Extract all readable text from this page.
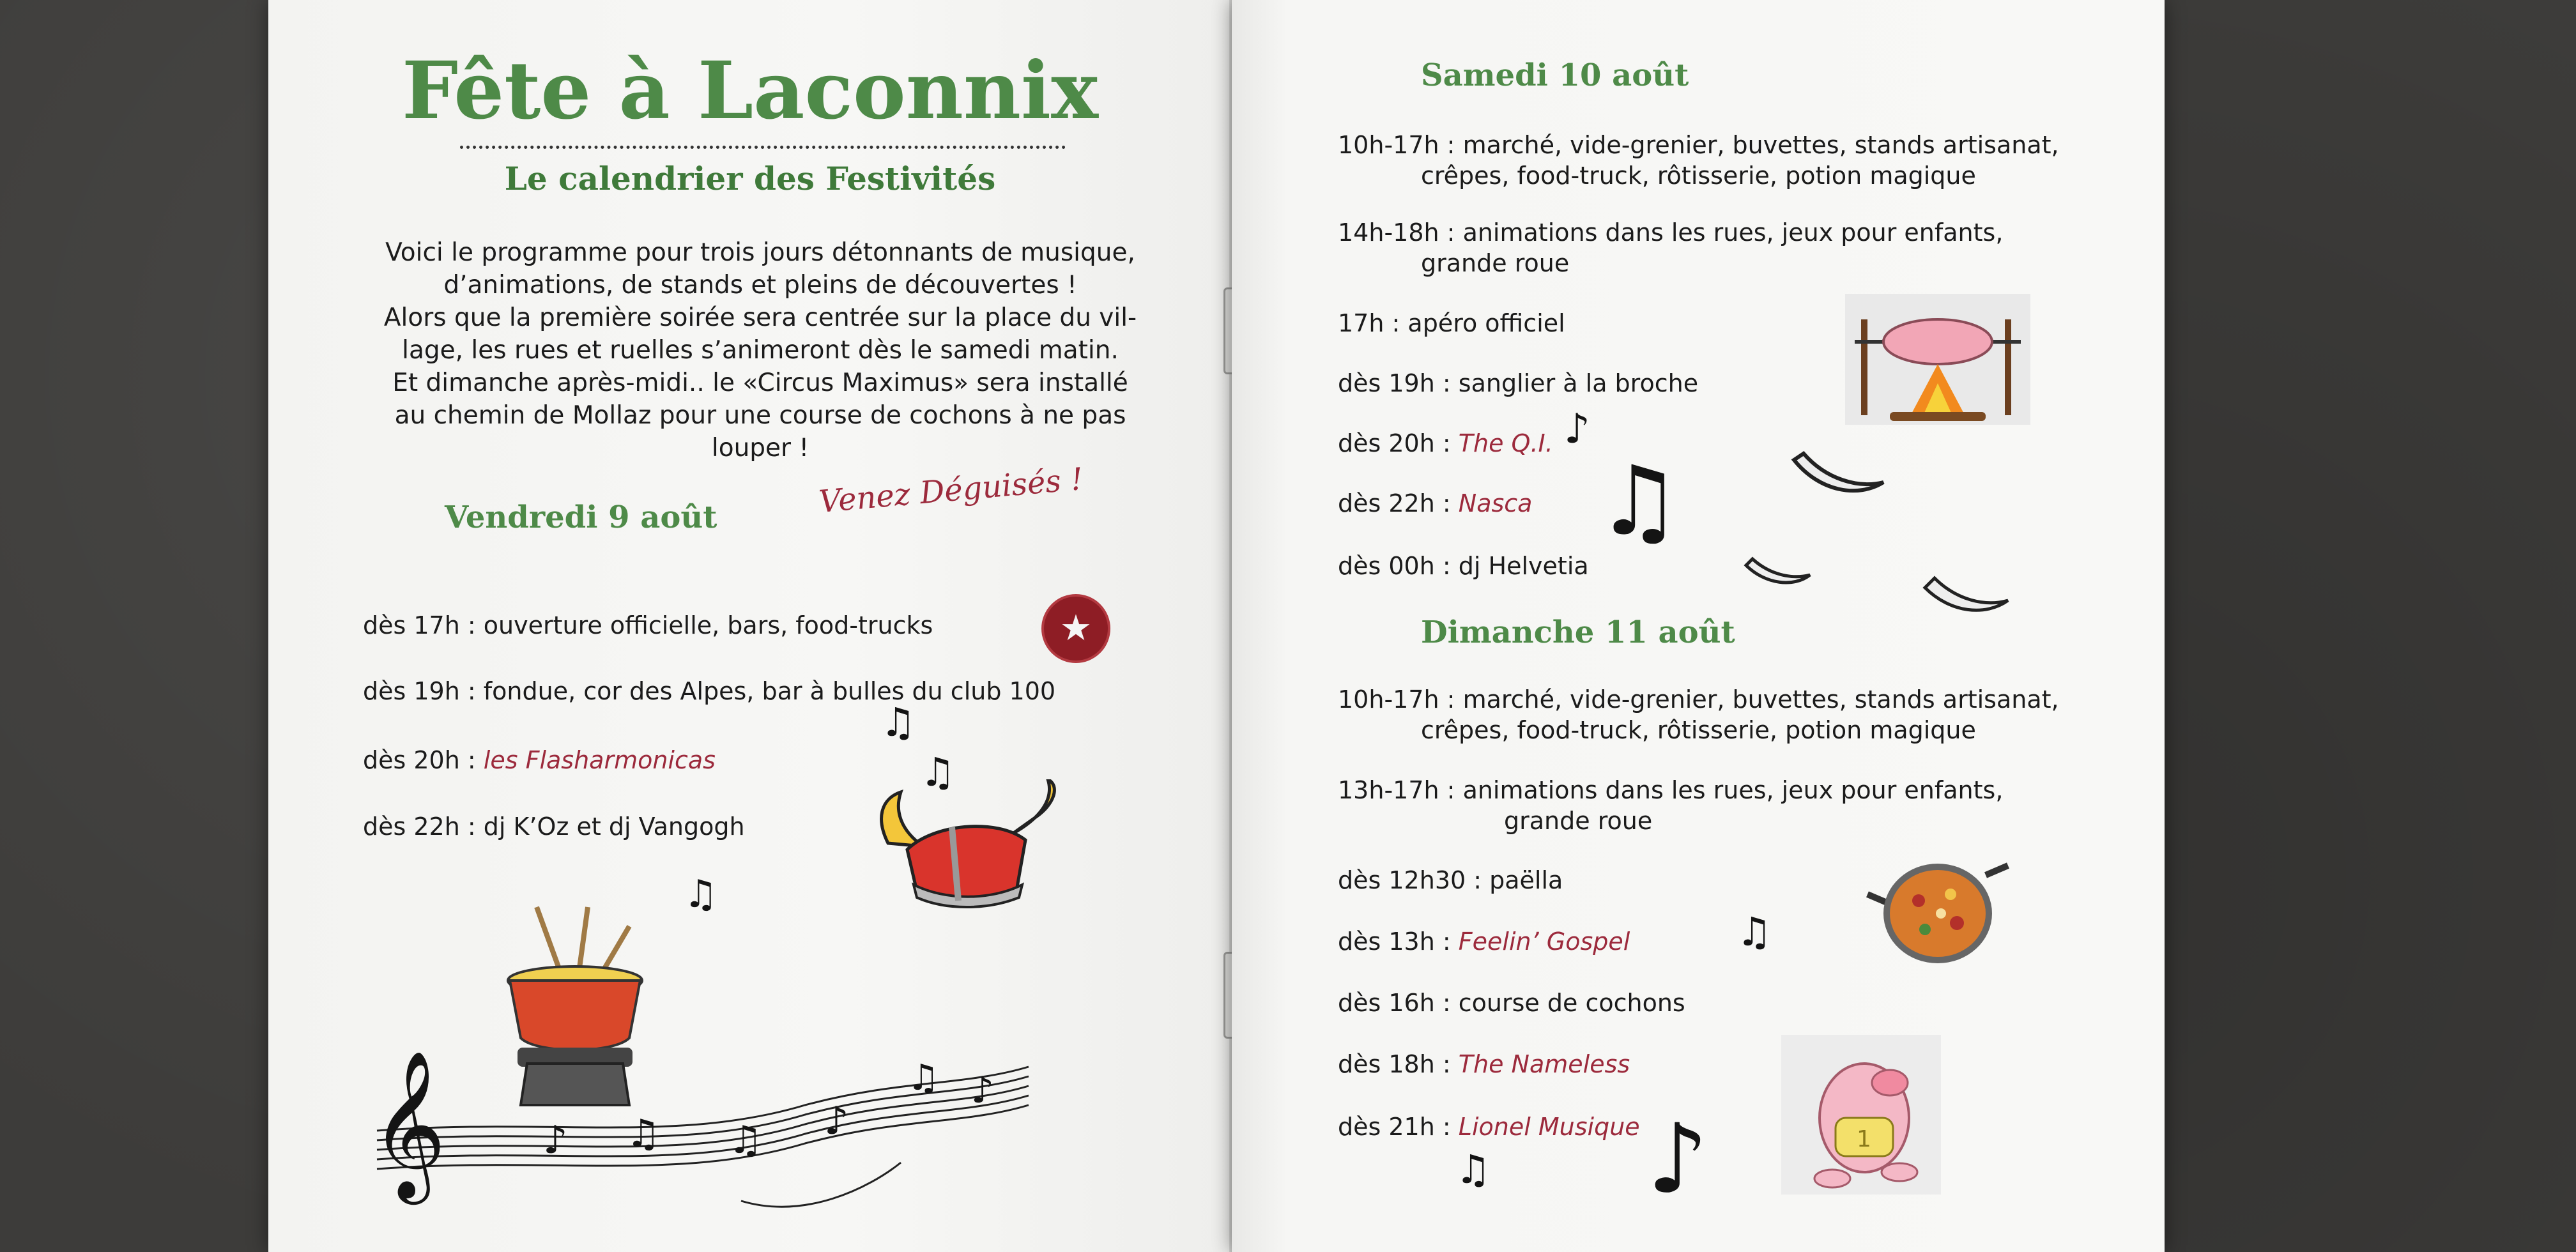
Fête à Laconnix
Le calendrier des Festivités
Voici le programme pour trois jours détonnants de musique,
d’animations, de stands et pleins de découvertes !
Alors que la première soirée sera centrée sur la place du vil-
lage, les rues et ruelles s’animeront dès le samedi matin.
Et dimanche après-midi.. le «Circus Maximus» sera installé
au chemin de Mollaz pour une course de cochons à ne pas
louper !
Vendredi 9 août	Venez Déguisés !
dès 17h : ouverture officielle, bars, food-trucks
dès 19h : fondue, cor des Alpes, bar à bulles du club 100
dès 20h : les Flasharmonicas
dès 22h : dj K’Oz et dj Vangogh
★
♫
♫
♫
𝄞	♪ ♫ ♫ ♪
♫ ♪
Samedi 10 août
10h-17h : marché, vide-grenier, buvettes, stands artisanat,
crêpes, food-truck, rôtisserie, potion magique
14h-18h : animations dans les rues, jeux pour enfants,
grande roue
17h : apéro officiel
dès 19h : sanglier à la broche
dès 20h : The Q.I.
dès 22h : Nasca
dès 00h : dj Helvetia
♪
♫
Dimanche 11 août
10h-17h : marché, vide-grenier, buvettes, stands artisanat,
crêpes, food-truck, rôtisserie, potion magique
13h-17h : animations dans les rues, jeux pour enfants,
grande roue
dès 12h30 : paëlla
dès 13h : Feelin’ Gospel
dès 16h : course de cochons
dès 18h : The Nameless
dès 21h : Lionel Musique	1
♫
♫ ♪
